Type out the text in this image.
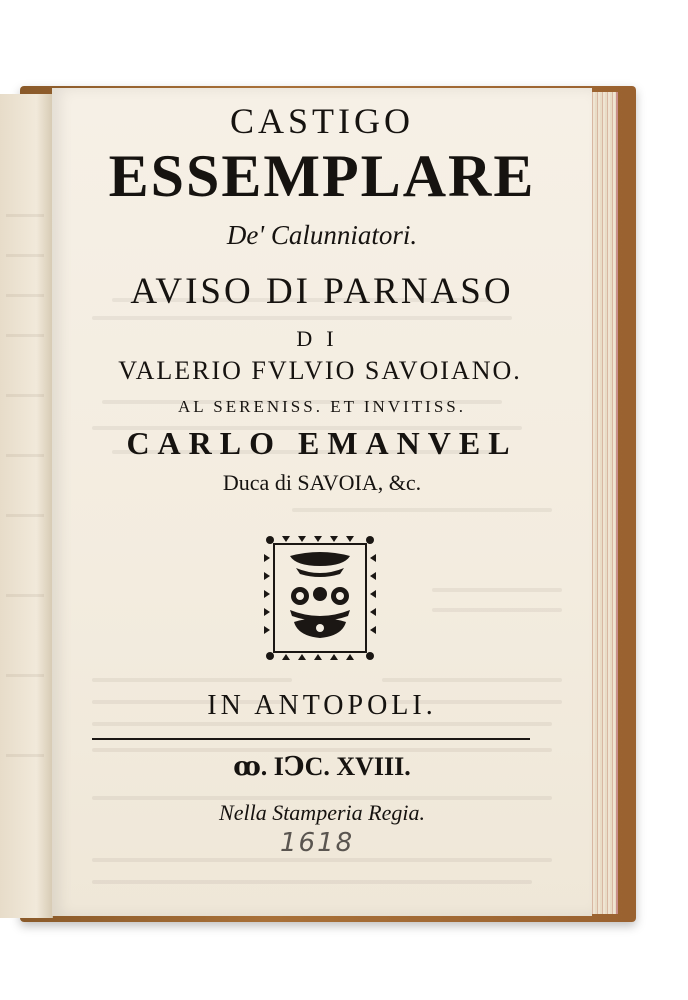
CASTIGO

ESSEMPLARE

De' Calunniatori.

AVISO DI PARNASO

DI

VALERIO FVLVIO SAVOIANO.

AL SERENISS. ET INVITISS.

CARLO EMANVEL

Duca di SAVOIA, &c.

IN ANTOPOLI.

ꝏ. IↃC. XVIII.

Nella Stamperia Regia.

1618
